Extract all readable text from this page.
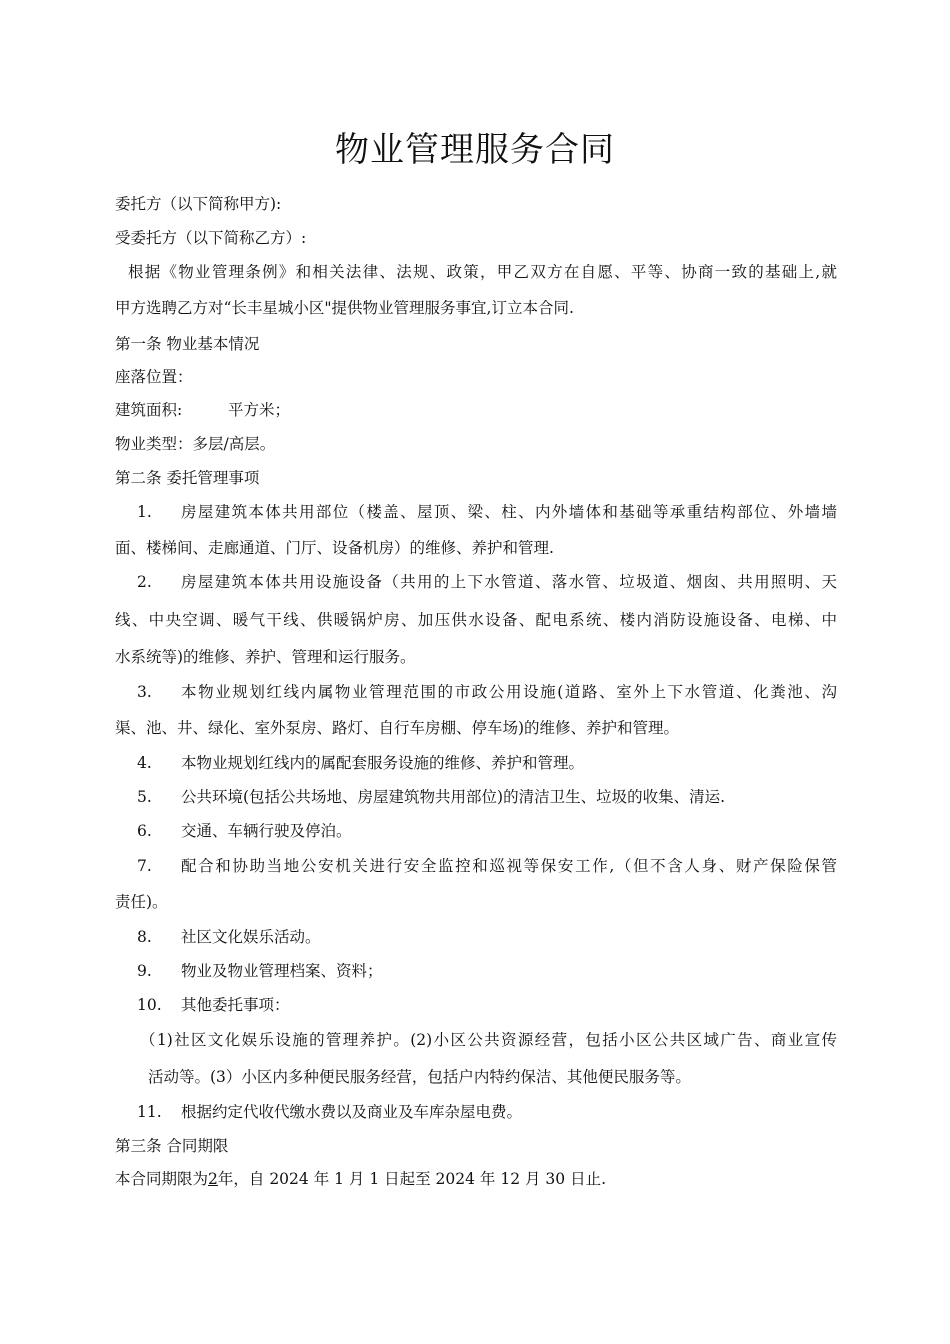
物业管理服务合同
委托方（以下简称甲方):
受委托方（以下简称乙方）:
根据《物业管理条例》和相关法律、法规、政策，甲乙双方在自愿、平等、协商一致的基础上,就
甲方选聘乙方对“长丰星城小区"提供物业管理服务事宜,订立本合同.
第一条 物业基本情况
座落位置：
建筑面积:	平方米；
物业类型：多层/高层。
第二条 委托管理事项
1. 房屋建筑本体共用部位（楼盖、屋顶、梁、柱、内外墙体和基础等承重结构部位、外墙墙
面、楼梯间、走廊通道、门厅、设备机房）的维修、养护和管理.
2. 房屋建筑本体共用设施设备（共用的上下水管道、落水管、垃圾道、烟囱、共用照明、天
线、中央空调、暖气干线、供暖锅炉房、加压供水设备、配电系统、楼内消防设施设备、电梯、中
水系统等)的维修、养护、管理和运行服务。
3. 本物业规划红线内属物业管理范围的市政公用设施(道路、室外上下水管道、化粪池、沟
渠、池、井、绿化、室外泵房、路灯、自行车房棚、停车场)的维修、养护和管理。
4. 本物业规划红线内的属配套服务设施的维修、养护和管理。
5. 公共环境(包括公共场地、房屋建筑物共用部位)的清洁卫生、垃圾的收集、清运.
6. 交通、车辆行驶及停泊。
7. 配合和协助当地公安机关进行安全监控和巡视等保安工作,（但不含人身、财产保险保管
责任)。
8. 社区文化娱乐活动。
9. 物业及物业管理档案、资料；
10. 其他委托事项：
（1)社区文化娱乐设施的管理养护。(2)小区公共资源经营，包括小区公共区域广告、商业宣传
活动等。(3）小区内多种便民服务经营，包括户内特约保洁、其他便民服务等。
11. 根据约定代收代缴水费以及商业及车库杂屋电费。
第三条 合同期限
本合同期限为2年，自 2024 年 1 月 1 日起至 2024 年 12 月 30 日止.
